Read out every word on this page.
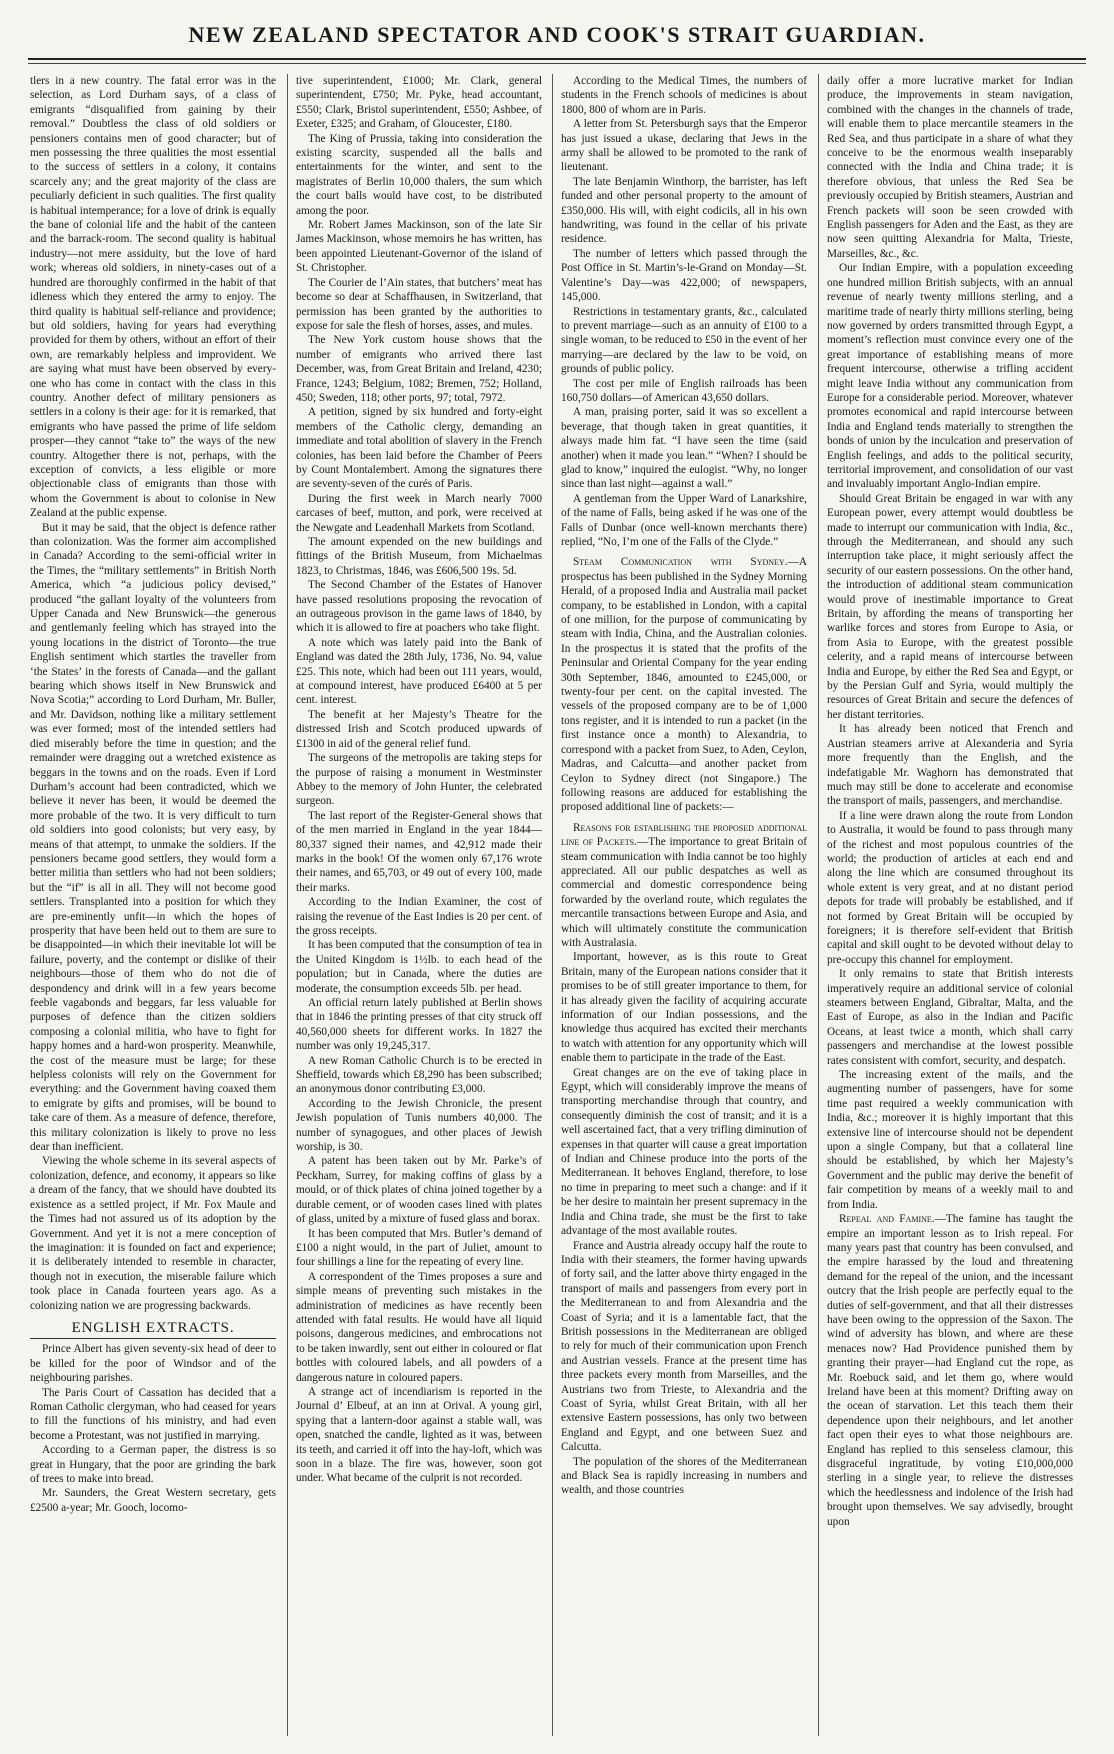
NEW ZEALAND SPECTATOR AND COOK'S STRAIT GUARDIAN.

tlers in a new country. The fatal error was in the selection, as Lord Durham says, of a class of emigrants “disqualified from gaining by their removal.” Doubtless the class of old soldiers or pensioners contains men of good character; but of men possessing the three qualities the most essential to the success of settlers in a colony, it contains scarcely any; and the great majority of the class are peculiarly deficient in such qualities. The first quality is habitual intemperance; for a love of drink is equally the bane of colonial life and the habit of the canteen and the barrack-room. The second quality is habitual industry—not mere assiduity, but the love of hard work; whereas old soldiers, in ninety-cases out of a hundred are thoroughly confirmed in the habit of that idleness which they entered the army to enjoy. The third quality is habitual self-reliance and providence; but old soldiers, having for years had everything provided for them by others, without an effort of their own, are remarkably helpless and improvident. We are saying what must have been observed by every-one who has come in contact with the class in this country. Another defect of military pensioners as settlers in a colony is their age: for it is remarked, that emigrants who have passed the prime of life seldom prosper—they cannot “take to” the ways of the new country. Altogether there is not, perhaps, with the exception of convicts, a less eligible or more objectionable class of emigrants than those with whom the Government is about to colonise in New Zealand at the public expense.

But it may be said, that the object is defence rather than colonization. Was the former aim accomplished in Canada? According to the semi-official writer in the Times, the “military settlements” in British North America, which “a judicious policy devised,” produced “the gallant loyalty of the volunteers from Upper Canada and New Brunswick—the generous and gentlemanly feeling which has strayed into the young locations in the district of Toronto—the true English sentiment which startles the traveller from ‘the States’ in the forests of Canada—and the gallant bearing which shows itself in New Brunswick and Nova Scotia;” according to Lord Durham, Mr. Buller, and Mr. Davidson, nothing like a military settlement was ever formed; most of the intended settlers had died miserably before the time in question; and the remainder were dragging out a wretched existence as beggars in the towns and on the roads. Even if Lord Durham’s account had been contradicted, which we believe it never has been, it would be deemed the more probable of the two. It is very difficult to turn old soldiers into good colonists; but very easy, by means of that attempt, to unmake the soldiers. If the pensioners became good settlers, they would form a better militia than settlers who had not been soldiers; but the “if” is all in all. They will not become good settlers. Transplanted into a position for which they are pre-eminently unfit—in which the hopes of prosperity that have been held out to them are sure to be disappointed—in which their inevitable lot will be failure, poverty, and the contempt or dislike of their neighbours—those of them who do not die of despondency and drink will in a few years become feeble vagabonds and beggars, far less valuable for purposes of defence than the citizen soldiers composing a colonial militia, who have to fight for happy homes and a hard-won prosperity. Meanwhile, the cost of the measure must be large; for these helpless colonists will rely on the Government for everything: and the Government having coaxed them to emigrate by gifts and promises, will be bound to take care of them. As a measure of defence, therefore, this military colonization is likely to prove no less dear than inefficient.

Viewing the whole scheme in its several aspects of colonization, defence, and economy, it appears so like a dream of the fancy, that we should have doubted its existence as a settled project, if Mr. Fox Maule and the Times had not assured us of its adoption by the Government. And yet it is not a mere conception of the imagination: it is founded on fact and experience; it is deliberately intended to resemble in character, though not in execution, the miserable failure which took place in Canada fourteen years ago. As a colonizing nation we are progressing backwards.

ENGLISH EXTRACTS.

Prince Albert has given seventy-six head of deer to be killed for the poor of Windsor and of the neighbouring parishes.

The Paris Court of Cassation has decided that a Roman Catholic clergyman, who had ceased for years to fill the functions of his ministry, and had even become a Protestant, was not justified in marrying.

According to a German paper, the distress is so great in Hungary, that the poor are grinding the bark of trees to make into bread.

Mr. Saunders, the Great Western secretary, gets £2500 a-year; Mr. Gooch, locomo-

tive superintendent, £1000; Mr. Clark, general superintendent, £750; Mr. Pyke, head accountant, £550; Clark, Bristol superintendent, £550; Ashbee, of Exeter, £325; and Graham, of Gloucester, £180.

The King of Prussia, taking into consideration the existing scarcity, suspended all the balls and entertainments for the winter, and sent to the magistrates of Berlin 10,000 thalers, the sum which the court balls would have cost, to be distributed among the poor.

Mr. Robert James Mackinson, son of the late Sir James Mackinson, whose memoirs he has written, has been appointed Lieutenant-Governor of the island of St. Christopher.

The Courier de l’Ain states, that butchers’ meat has become so dear at Schaffhausen, in Switzerland, that permission has been granted by the authorities to expose for sale the flesh of horses, asses, and mules.

The New York custom house shows that the number of emigrants who arrived there last December, was, from Great Britain and Ireland, 4230; France, 1243; Belgium, 1082; Bremen, 752; Holland, 450; Sweden, 118; other ports, 97; total, 7972.

A petition, signed by six hundred and forty-eight members of the Catholic clergy, demanding an immediate and total abolition of slavery in the French colonies, has been laid before the Chamber of Peers by Count Montalembert. Among the signatures there are seventy-seven of the curés of Paris.

During the first week in March nearly 7000 carcases of beef, mutton, and pork, were received at the Newgate and Leadenhall Markets from Scotland.

The amount expended on the new buildings and fittings of the British Museum, from Michaelmas 1823, to Christmas, 1846, was £606,500 19s. 5d.

The Second Chamber of the Estates of Hanover have passed resolutions proposing the revocation of an outrageous provison in the game laws of 1840, by which it is allowed to fire at poachers who take flight.

A note which was lately paid into the Bank of England was dated the 28th July, 1736, No. 94, value £25. This note, which had been out 111 years, would, at compound interest, have produced £6400 at 5 per cent. interest.

The benefit at her Majesty’s Theatre for the distressed Irish and Scotch produced upwards of £1300 in aid of the general relief fund.

The surgeons of the metropolis are taking steps for the purpose of raising a monument in Westminster Abbey to the memory of John Hunter, the celebrated surgeon.

The last report of the Register-General shows that of the men married in England in the year 1844—80,337 signed their names, and 42,912 made their marks in the book! Of the women only 67,176 wrote their names, and 65,703, or 49 out of every 100, made their marks.

According to the Indian Examiner, the cost of raising the revenue of the East Indies is 20 per cent. of the gross receipts.

It has been computed that the consumption of tea in the United Kingdom is 1½lb. to each head of the population; but in Canada, where the duties are moderate, the consumption exceeds 5lb. per head.

An official return lately published at Berlin shows that in 1846 the printing presses of that city struck off 40,560,000 sheets for different works. In 1827 the number was only 19,245,317.

A new Roman Catholic Church is to be erected in Sheffield, towards which £8,290 has been subscribed; an anonymous donor contributing £3,000.

According to the Jewish Chronicle, the present Jewish population of Tunis numbers 40,000. The number of synagogues, and other places of Jewish worship, is 30.

A patent has been taken out by Mr. Parke’s of Peckham, Surrey, for making coffins of glass by a mould, or of thick plates of china joined together by a durable cement, or of wooden cases lined with plates of glass, united by a mixture of fused glass and borax.

It has been computed that Mrs. Butler’s demand of £100 a night would, in the part of Juliet, amount to four shillings a line for the repeating of every line.

A correspondent of the Times proposes a sure and simple means of preventing such mistakes in the administration of medicines as have recently been attended with fatal results. He would have all liquid poisons, dangerous medicines, and embrocations not to be taken inwardly, sent out either in coloured or flat bottles with coloured labels, and all powders of a dangerous nature in coloured papers.

A strange act of incendiarism is reported in the Journal d’ Elbeuf, at an inn at Orival. A young girl, spying that a lantern-door against a stable wall, was open, snatched the candle, lighted as it was, between its teeth, and carried it off into the hay-loft, which was soon in a blaze. The fire was, however, soon got under. What became of the culprit is not recorded.

According to the Medical Times, the numbers of students in the French schools of medicines is about 1800, 800 of whom are in Paris.

A letter from St. Petersburgh says that the Emperor has just issued a ukase, declaring that Jews in the army shall be allowed to be promoted to the rank of lieutenant.

The late Benjamin Winthorp, the barrister, has left funded and other personal property to the amount of £350,000. His will, with eight codicils, all in his own handwriting, was found in the cellar of his private residence.

The number of letters which passed through the Post Office in St. Martin’s-le-Grand on Monday—St. Valentine’s Day—was 422,000; of newspapers, 145,000.

Restrictions in testamentary grants, &c., calculated to prevent marriage—such as an annuity of £100 to a single woman, to be reduced to £50 in the event of her marrying—are declared by the law to be void, on grounds of public policy.

The cost per mile of English railroads has been 160,750 dollars—of American 43,650 dollars.

A man, praising porter, said it was so excellent a beverage, that though taken in great quantities, it always made him fat. “I have seen the time (said another) when it made you lean.” “When? I should be glad to know,” inquired the eulogist. “Why, no longer since than last night—against a wall.”

A gentleman from the Upper Ward of Lanarkshire, of the name of Falls, being asked if he was one of the Falls of Dunbar (once well-known merchants there) replied, “No, I’m one of the Falls of the Clyde.”

Steam Communication with Sydney.—A prospectus has been published in the Sydney Morning Herald, of a proposed India and Australia mail packet company, to be established in London, with a capital of one million, for the purpose of communicating by steam with India, China, and the Australian colonies. In the prospectus it is stated that the profits of the Peninsular and Oriental Company for the year ending 30th September, 1846, amounted to £245,000, or twenty-four per cent. on the capital invested. The vessels of the proposed company are to be of 1,000 tons register, and it is intended to run a packet (in the first instance once a month) to Alexandria, to correspond with a packet from Suez, to Aden, Ceylon, Madras, and Calcutta—and another packet from Ceylon to Sydney direct (not Singapore.) The following reasons are adduced for establishing the proposed additional line of packets:—

Reasons for establishing the proposed additional line of Packets.—The importance to great Britain of steam communication with India cannot be too highly appreciated. All our public despatches as well as commercial and domestic correspondence being forwarded by the overland route, which regulates the mercantile transactions between Europe and Asia, and which will ultimately constitute the communication with Australasia.

Important, however, as is this route to Great Britain, many of the European nations consider that it promises to be of still greater importance to them, for it has already given the facility of acquiring accurate information of our Indian possessions, and the knowledge thus acquired has excited their merchants to watch with attention for any opportunity which will enable them to participate in the trade of the East.

Great changes are on the eve of taking place in Egypt, which will considerably improve the means of transporting merchandise through that country, and consequently diminish the cost of transit; and it is a well ascertained fact, that a very trifling diminution of expenses in that quarter will cause a great importation of Indian and Chinese produce into the ports of the Mediterranean. It behoves England, therefore, to lose no time in preparing to meet such a change: and if it be her desire to maintain her present supremacy in the India and China trade, she must be the first to take advantage of the most available routes.

France and Austria already occupy half the route to India with their steamers, the former having upwards of forty sail, and the latter above thirty engaged in the transport of mails and passengers from every port in the Mediterranean to and from Alexandria and the Coast of Syria; and it is a lamentable fact, that the British possessions in the Mediterranean are obliged to rely for much of their communication upon French and Austrian vessels. France at the present time has three packets every month from Marseilles, and the Austrians two from Trieste, to Alexandria and the Coast of Syria, whilst Great Britain, with all her extensive Eastern possessions, has only two between England and Egypt, and one between Suez and Calcutta.

The population of the shores of the Mediterranean and Black Sea is rapidly increasing in numbers and wealth, and those countries

daily offer a more lucrative market for Indian produce, the improvements in steam navigation, combined with the changes in the channels of trade, will enable them to place mercantile steamers in the Red Sea, and thus participate in a share of what they conceive to be the enormous wealth inseparably connected with the India and China trade; it is therefore obvious, that unless the Red Sea be previously occupied by British steamers, Austrian and French packets will soon be seen crowded with English passengers for Aden and the East, as they are now seen quitting Alexandria for Malta, Trieste, Marseilles, &c., &c.

Our Indian Empire, with a population exceeding one hundred million British subjects, with an annual revenue of nearly twenty millions sterling, and a maritime trade of nearly thirty millions sterling, being now governed by orders transmitted through Egypt, a moment’s reflection must convince every one of the great importance of establishing means of more frequent intercourse, otherwise a trifling accident might leave India without any communication from Europe for a considerable period. Moreover, whatever promotes economical and rapid intercourse between India and England tends materially to strengthen the bonds of union by the inculcation and preservation of English feelings, and adds to the political security, territorial improvement, and consolidation of our vast and invaluably important Anglo-Indian empire.

Should Great Britain be engaged in war with any European power, every attempt would doubtless be made to interrupt our communication with India, &c., through the Mediterranean, and should any such interruption take place, it might seriously affect the security of our eastern possessions. On the other hand, the introduction of additional steam communication would prove of inestimable importance to Great Britain, by affording the means of transporting her warlike forces and stores from Europe to Asia, or from Asia to Europe, with the greatest possible celerity, and a rapid means of intercourse between India and Europe, by either the Red Sea and Egypt, or by the Persian Gulf and Syria, would multiply the resources of Great Britain and secure the defences of her distant territories.

It has already been noticed that French and Austrian steamers arrive at Alexanderia and Syria more frequently than the English, and the indefatigable Mr. Waghorn has demonstrated that much may still be done to accelerate and economise the transport of mails, passengers, and merchandise.

If a line were drawn along the route from London to Australia, it would be found to pass through many of the richest and most populous countries of the world; the production of articles at each end and along the line which are consumed throughout its whole extent is very great, and at no distant period depots for trade will probably be established, and if not formed by Great Britain will be occupied by foreigners; it is therefore self-evident that British capital and skill ought to be devoted without delay to pre-occupy this channel for employment.

It only remains to state that British interests imperatively require an additional service of colonial steamers between England, Gibraltar, Malta, and the East of Europe, as also in the Indian and Pacific Oceans, at least twice a month, which shall carry passengers and merchandise at the lowest possible rates consistent with comfort, security, and despatch.

The increasing extent of the mails, and the augmenting number of passengers, have for some time past required a weekly communication with India, &c.; moreover it is highly important that this extensive line of intercourse should not be dependent upon a single Company, but that a collateral line should be established, by which her Majesty’s Government and the public may derive the benefit of fair competition by means of a weekly mail to and from India.

Repeal and Famine.—The famine has taught the empire an important lesson as to Irish repeal. For many years past that country has been convulsed, and the empire harassed by the loud and threatening demand for the repeal of the union, and the incessant outcry that the Irish people are perfectly equal to the duties of self-government, and that all their distresses have been owing to the oppression of the Saxon. The wind of adversity has blown, and where are these menaces now? Had Providence punished them by granting their prayer—had England cut the rope, as Mr. Roebuck said, and let them go, where would Ireland have been at this moment? Drifting away on the ocean of starvation. Let this teach them their dependence upon their neighbours, and let another fact open their eyes to what those neighbours are. England has replied to this senseless clamour, this disgraceful ingratitude, by voting £10,000,000 sterling in a single year, to relieve the distresses which the heedlessness and indolence of the Irish had brought upon themselves. We say advisedly, brought upon
